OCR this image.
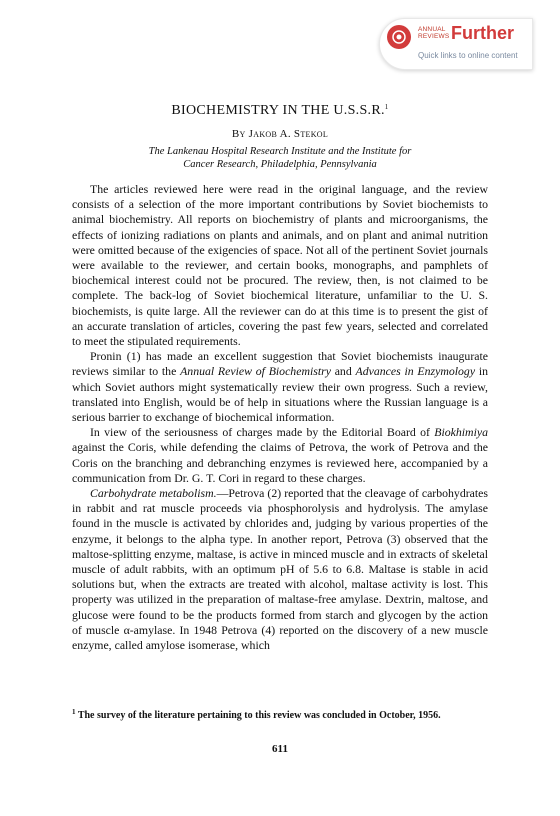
ANNUAL
REVIEWS Further
Quick links to online content
BIOCHEMISTRY IN THE U.S.S.R.$^1$
By Jakob A. Stekol
The Lankenau Hospital Research Institute and the Institute for
Cancer Research, Philadelphia, Pennsylvania

The articles reviewed here were read in the original language, and the review consists of a selection of the more important contributions by Soviet biochemists to animal biochemistry. All reports on biochemistry of plants and microorganisms, the effects of ionizing radiations on plants and animals, and on plant and animal nutrition were omitted because of the exigencies of space. Not all of the pertinent Soviet journals were available to the reviewer, and certain books, monographs, and pamphlets of biochemical interest could not be procured. The review, then, is not claimed to be complete. The back-log of Soviet biochemical literature, unfamiliar to the U. S. biochemists, is quite large. All the reviewer can do at this time is to present the gist of an accurate translation of articles, covering the past few years, selected and correlated to meet the stipulated requirements.

Pronin (1) has made an excellent suggestion that Soviet biochemists inaugurate reviews similar to the Annual Review of Biochemistry and Advances in Enzymology in which Soviet authors might systematically review their own progress. Such a review, translated into English, would be of help in situations where the Russian language is a serious barrier to exchange of biochemical information.

In view of the seriousness of charges made by the Editorial Board of Biokhimiya against the Coris, while defending the claims of Petrova, the work of Petrova and the Coris on the branching and debranching enzymes is reviewed here, accompanied by a communication from Dr. G. T. Cori in regard to these charges.

Carbohydrate metabolism.—Petrova (2) reported that the cleavage of carbohydrates in rabbit and rat muscle proceeds via phosphorolysis and hydrolysis. The amylase found in the muscle is activated by chlorides and, judging by various properties of the enzyme, it belongs to the alpha type. In another report, Petrova (3) observed that the maltose-splitting enzyme, maltase, is active in minced muscle and in extracts of skeletal muscle of adult rabbits, with an optimum pH of 5.6 to 6.8. Maltase is stable in acid solutions but, when the extracts are treated with alcohol, maltase activity is lost. This property was utilized in the preparation of maltase-free amylase. Dextrin, maltose, and glucose were found to be the products formed from starch and glycogen by the action of muscle α-amylase. In 1948 Petrova (4) reported on the discovery of a new muscle enzyme, called amylose isomerase, which

$^1$ The survey of the literature pertaining to this review was concluded in October, 1956.
611
